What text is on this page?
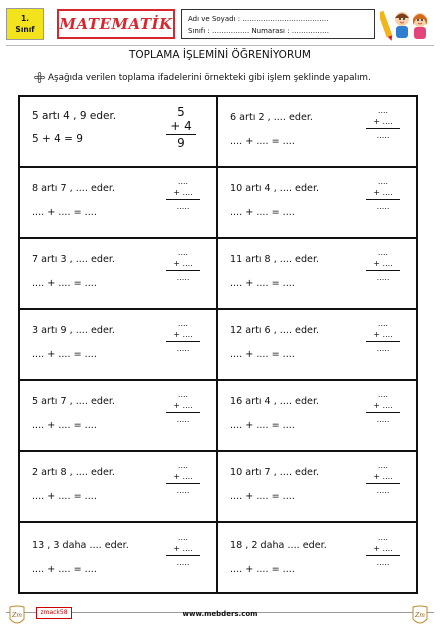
1.
Sınıf	MATEMATİK	Adı ve Soyadı : ……………………………….
Sınıfı : ……………. Numarası : …………….
TOPLAMA İŞLEMİNİ ÖĞRENİYORUM
Aşağıda verilen toplama ifadelerini örnekteki gibi işlem şeklinde yapalım.
5 artı 4 , 9 eder.
5 + 4 = 9
5
+ 4
9
6 artı 2 , .... eder.
.... + .... = ....
....
+ ....
.....
8 artı 7 , .... eder.
.... + .... = ....
....
+ ....
.....
10 artı 4 , .... eder.
.... + .... = ....
....
+ ....
.....
7 artı 3 , .... eder.
.... + .... = ....
....
+ ....
.....
11 artı 8 , .... eder.
.... + .... = ....
....
+ ....
.....
3 artı 9 , .... eder.
.... + .... = ....
....
+ ....
.....
12 artı 6 , .... eder.
.... + .... = ....
....
+ ....
.....
5 artı 7 , .... eder.
.... + .... = ....
....
+ ....
.....
16 artı 4 , .... eder.
.... + .... = ....
....
+ ....
.....
2 artı 8 , .... eder.
.... + .... = ....
....
+ ....
.....
10 artı 7 , .... eder.
.... + .... = ....
....
+ ....
.....
13 , 3 daha .... eder.
.... + .... = ....
....
+ ....
.....
18 , 2 daha .... eder.
.... + .... = ....
....
+ ....
.....
Zm	zmack58	www.mebders.com	Zm
